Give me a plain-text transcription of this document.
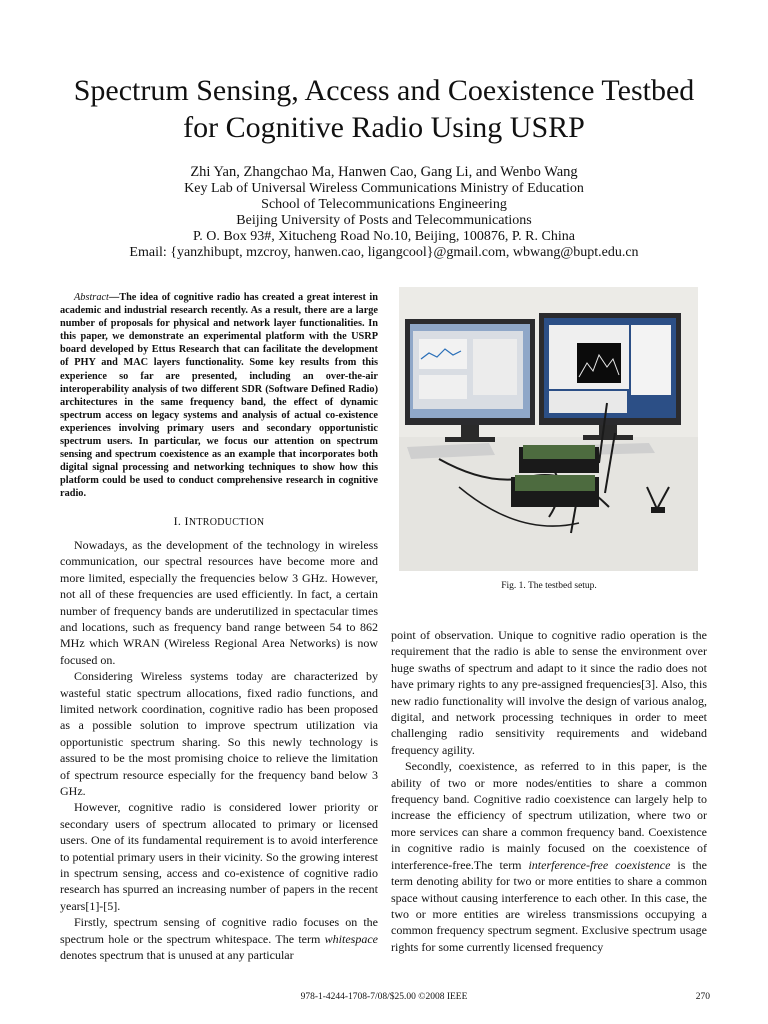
Spectrum Sensing, Access and Coexistence Testbed
for Cognitive Radio Using USRP
Zhi Yan, Zhangchao Ma, Hanwen Cao, Gang Li, and Wenbo Wang
Key Lab of Universal Wireless Communications Ministry of Education
School of Telecommunications Engineering
Beijing University of Posts and Telecommunications
P. O. Box 93#, Xitucheng Road No.10, Beijing, 100876, P. R. China
Email: {yanzhibupt, mzcroy, hanwen.cao, ligangcool}@gmail.com, wbwang@bupt.edu.cn

Abstract—The idea of cognitive radio has created a great interest in academic and industrial research recently. As a result, there are a large number of proposals for physical and network layer functionalities. In this paper, we demonstrate an experimental platform with the USRP board developed by Ettus Research that can facilitate the development of PHY and MAC layers functionality. Some key results from this experience so far are presented, including an over-the-air interoperability analysis of two different SDR (Software Defined Radio) architectures in the same frequency band, the effect of dynamic spectrum access on legacy systems and analysis of actual co-existence experiences involving primary users and secondary opportunistic spectrum users. In particular, we focus our attention on spectrum sensing and spectrum coexistence as an example that incorporates both digital signal processing and networking techniques to show how this platform could be used to conduct comprehensive research in cognitive radio.

I. INTRODUCTION

Nowadays, as the development of the technology in wireless communication, our spectral resources have become more and more limited, especially the frequencies below 3 GHz. However, not all of these frequencies are used efficiently. In fact, a certain number of frequency bands are underutilized in spectacular times and locations, such as frequency band range between 54 to 862 MHz which WRAN (Wireless Regional Area Networks) is now focused on.

Considering Wireless systems today are characterized by wasteful static spectrum allocations, fixed radio functions, and limited network coordination, cognitive radio has been proposed as a possible solution to improve spectrum utilization via opportunistic spectrum sharing. So this newly technology is assured to be the most promising choice to relieve the limitation of spectrum resource especially for the frequency band below 3 GHz.

However, cognitive radio is considered lower priority or secondary users of spectrum allocated to primary or licensed users. One of its fundamental requirement is to avoid interference to potential primary users in their vicinity. So the growing interest in spectrum sensing, access and co-existence of cognitive radio research has spurred an increasing number of papers in the recent years[1]-[5].

Firstly, spectrum sensing of cognitive radio focuses on the spectrum hole or the spectrum whitespace. The term whitespace denotes spectrum that is unused at any particular

Fig. 1. The testbed setup.

point of observation. Unique to cognitive radio operation is the requirement that the radio is able to sense the environment over huge swaths of spectrum and adapt to it since the radio does not have primary rights to any pre-assigned frequencies[3]. Also, this new radio functionality will involve the design of various analog, digital, and network processing techniques in order to meet challenging radio sensitivity requirements and wideband frequency agility.

Secondly, coexistence, as referred to in this paper, is the ability of two or more nodes/entities to share a common frequency band. Cognitive radio coexistence can largely help to increase the efficiency of spectrum utilization, where two or more services can share a common frequency band. Coexistence in cognitive radio is mainly focused on the coexistence of interference-free.The term interference-free coexistence is the term denoting ability for two or more entities to share a common space without causing interference to each other. In this case, the two or more entities are wireless transmissions occupying a common frequency spectrum segment. Exclusive spectrum usage rights for some currently licensed frequency

978-1-4244-1708-7/08/$25.00 ©2008 IEEE	270
